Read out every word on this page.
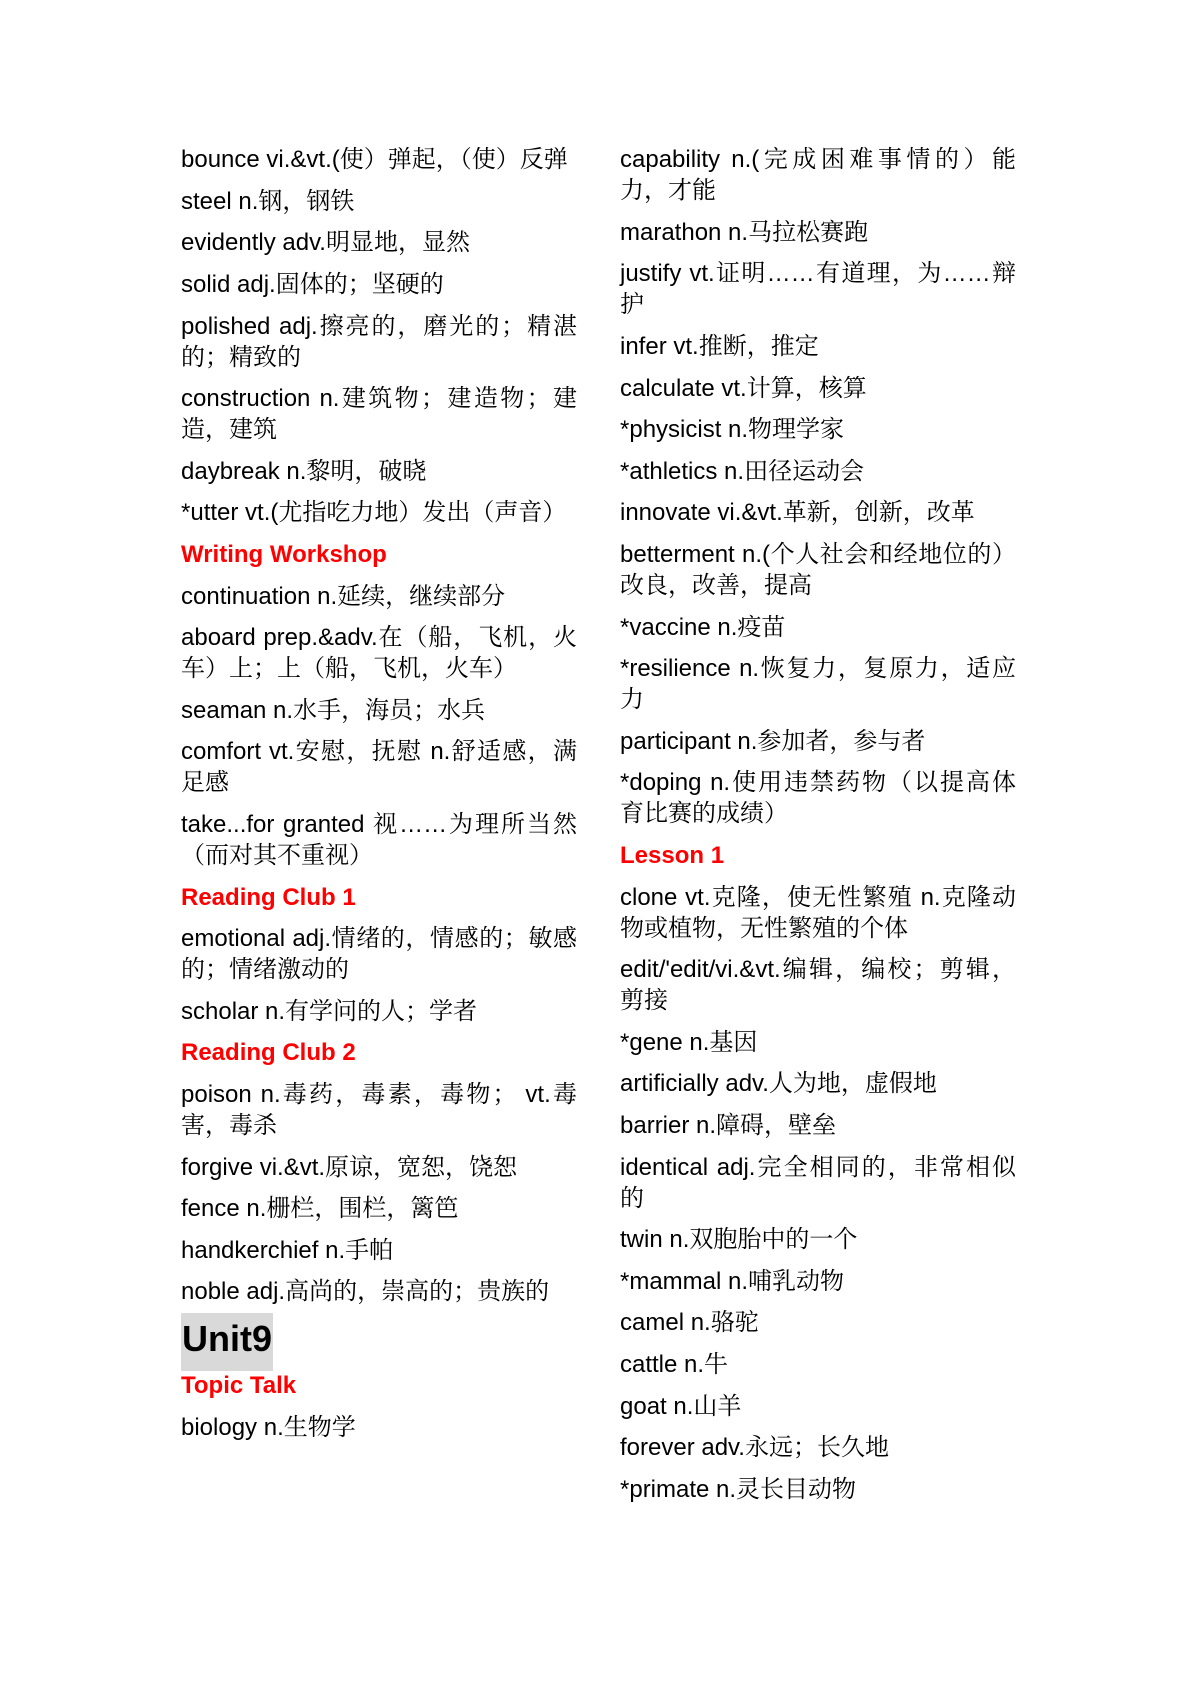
bounce vi.&vt.(使）弹起，（使）反弹
steel n.钢，钢铁
evidently adv.明显地，显然
solid adj.固体的；坚硬的
polished adj.擦亮的，磨光的；精湛的；精致的
construction n.建筑物；建造物；建造，建筑
daybreak n.黎明，破晓
*utter vt.(尤指吃力地）发出（声音）
Writing Workshop
continuation n.延续，继续部分
aboard prep.&adv.在（船，飞机，火车）上；上（船，飞机，火车）
seaman n.水手，海员；水兵
comfort vt.安慰，抚慰 n.舒适感，满足感
take...for granted 视……为理所当然（而对其不重视）
Reading Club 1
emotional adj.情绪的，情感的；敏感的；情绪激动的
scholar n.有学问的人；学者
Reading Club 2
poison n.毒药，毒素，毒物； vt.毒害，毒杀
forgive vi.&vt.原谅，宽恕，饶恕
fence n.栅栏，围栏，篱笆
handkerchief n.手帕
noble adj.高尚的，崇高的；贵族的
Unit9
Topic Talk
biology n.生物学
capability n.(完成困难事情的）能力，才能
marathon n.马拉松赛跑
justify vt.证明……有道理，为……辩护
infer vt.推断，推定
calculate vt.计算，核算
*physicist n.物理学家
*athletics n.田径运动会
innovate vi.&vt.革新，创新，改革
betterment n.(个人社会和经地位的）改良，改善，提高
*vaccine n.疫苗
*resilience n.恢复力，复原力，适应力
participant n.参加者，参与者
*doping n.使用违禁药物（以提高体育比赛的成绩）
Lesson 1
clone vt.克隆，使无性繁殖 n.克隆动物或植物，无性繁殖的个体
edit/'edit/vi.&vt.编辑，编校；剪辑，剪接
*gene n.基因
artificially adv.人为地，虚假地
barrier n.障碍，壁垒
identical adj.完全相同的，非常相似的
twin n.双胞胎中的一个
*mammal n.哺乳动物
camel n.骆驼
cattle n.牛
goat n.山羊
forever adv.永远；长久地
*primate n.灵长目动物
